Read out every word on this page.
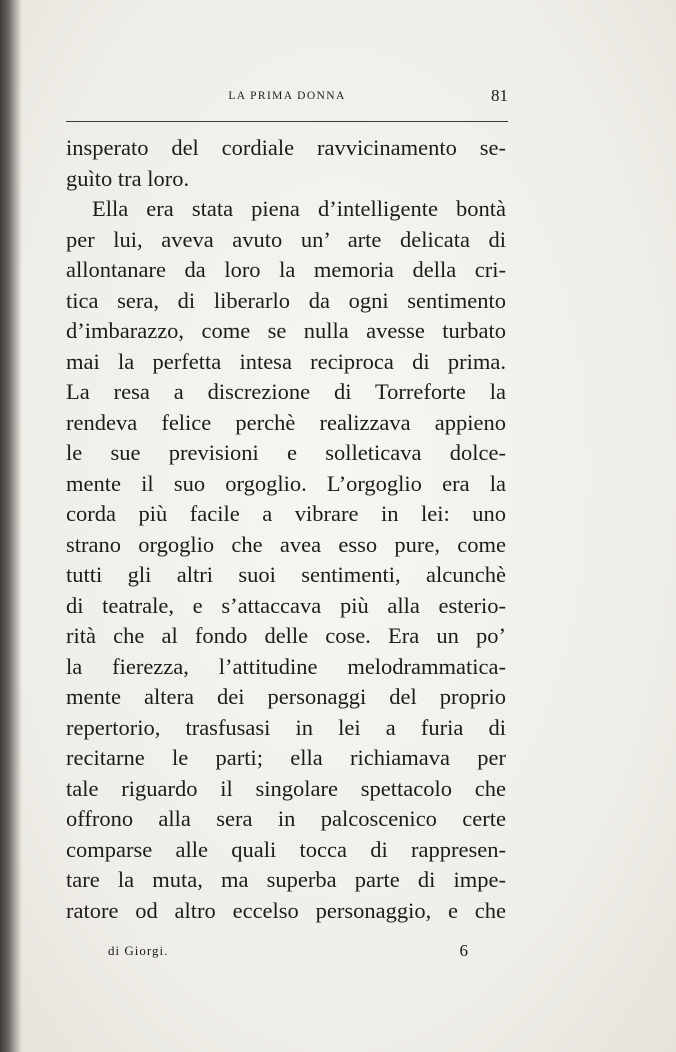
LA PRIMA DONNA	81
insperato del cordiale ravvicinamento se-
guìto tra loro.
Ella era stata piena d’intelligente bontà
per lui, aveva avuto un’ arte delicata di
allontanare da loro la memoria della cri-
tica sera, di liberarlo da ogni sentimento
d’imbarazzo, come se nulla avesse turbato
mai la perfetta intesa reciproca di prima.
La resa a discrezione di Torreforte la
rendeva felice perchè realizzava appieno
le sue previsioni e solleticava dolce-
mente il suo orgoglio. L’orgoglio era la
corda più facile a vibrare in lei: uno
strano orgoglio che avea esso pure, come
tutti gli altri suoi sentimenti, alcunchè
di teatrale, e s’attaccava più alla esterio-
rità che al fondo delle cose. Era un po’
la fierezza, l’attitudine melodrammatica-
mente altera dei personaggi del proprio
repertorio, trasfusasi in lei a furia di
recitarne le parti; ella richiamava per
tale riguardo il singolare spettacolo che
offrono alla sera in palcoscenico certe
comparse alle quali tocca di rappresen-
tare la muta, ma superba parte di impe-
ratore od altro eccelso personaggio, e che
di Giorgi.	6
